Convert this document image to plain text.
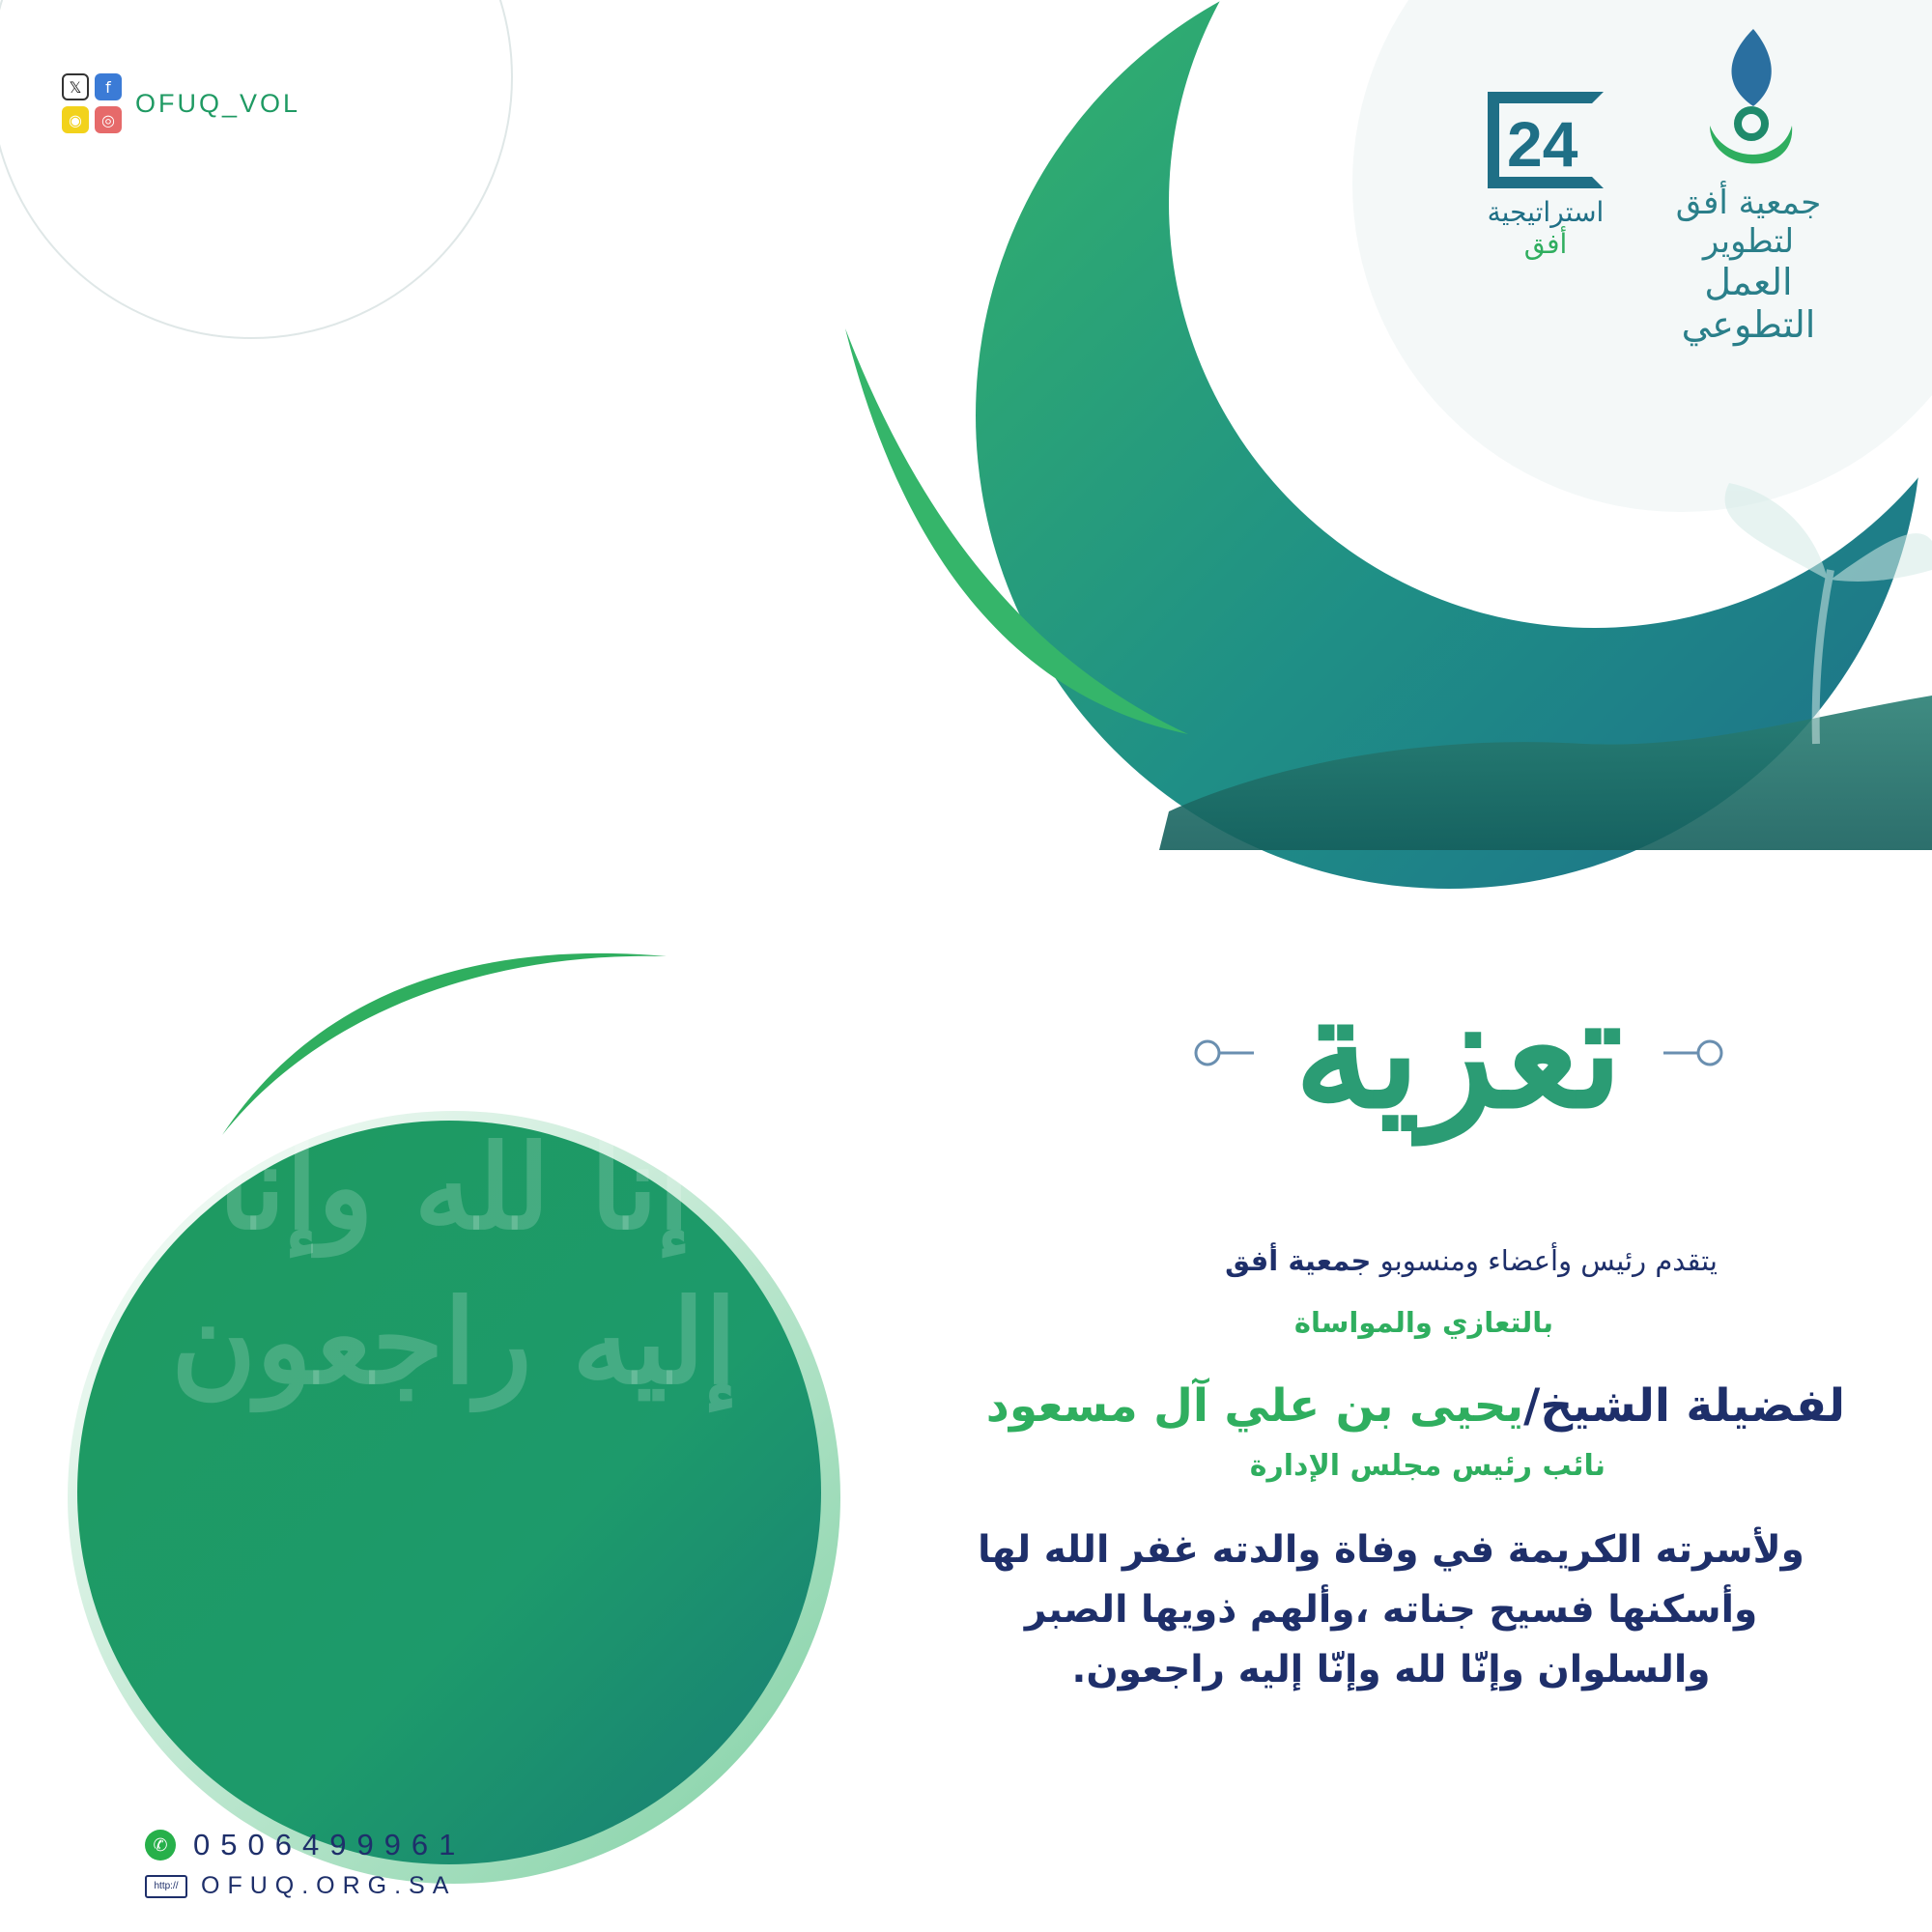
𝕏	f
◉	◎
OFUQ_VOL
جمعية أفق لتطوير
العمل التطوعي
24
استراتيجية
أفق
تعزية
يتقدم رئيس وأعضاء ومنسوبو جمعية أفق
بالتعازي والمواساة
لفضيلة الشيخ/يحيى بن علي آل مسعود
نائب رئيس مجلس الإدارة
ولأسرته الكريمة في وفاة والدته غفر الله لها
وأسكنها فسيح جناته ،وألهم ذويها الصبر
والسلوان وإنّا لله وإنّا إليه راجعون.
إنا لله وإنا إليه راجعون
✆ 0506499961
http:// OFUQ.ORG.SA
